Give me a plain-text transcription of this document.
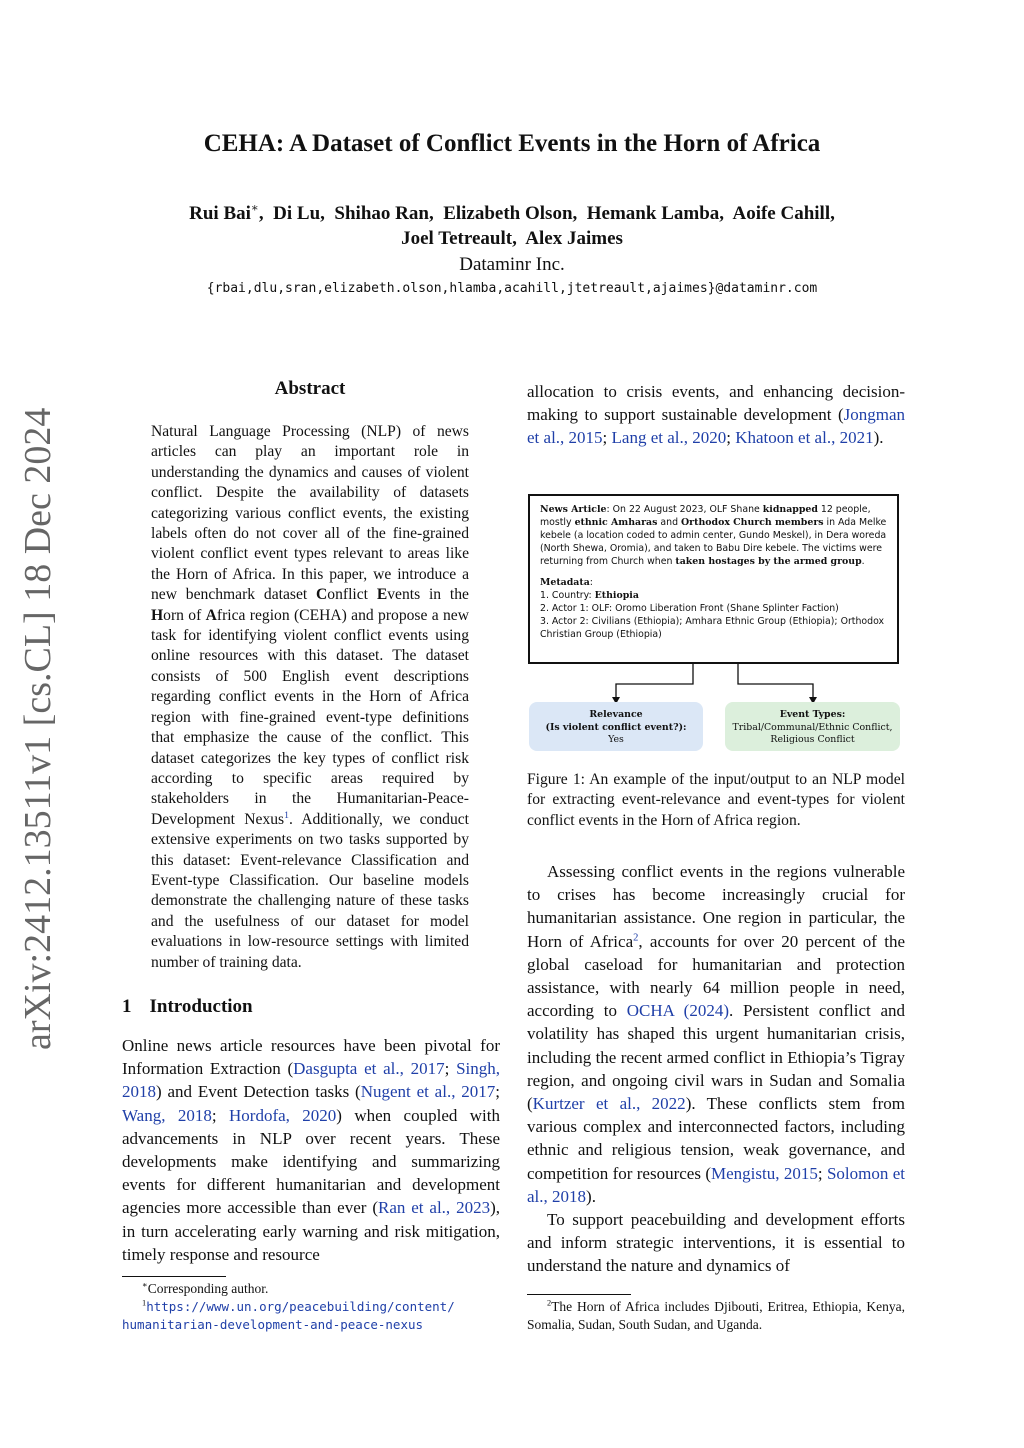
arXiv:2412.13511v1 [cs.CL] 18 Dec 2024
CEHA: A Dataset of Conflict Events in the Horn of Africa
Rui Bai∗,  Di Lu,  Shihao Ran,  Elizabeth Olson,  Hemank Lamba,  Aoife Cahill,
Joel Tetreault,  Alex Jaimes
Dataminr Inc.
{rbai,dlu,sran,elizabeth.olson,hlamba,acahill,jtetreault,ajaimes}@dataminr.com
Abstract
Natural Language Processing (NLP) of news articles can play an important role in understanding the dynamics and causes of violent conflict. Despite the availability of datasets categorizing various conflict events, the existing labels often do not cover all of the fine-grained violent conflict event types relevant to areas like the Horn of Africa. In this paper, we introduce a new benchmark dataset Conflict Events in the Horn of Africa region (CEHA) and propose a new task for identifying violent conflict events using online resources with this dataset. The dataset consists of 500 English event descriptions regarding conflict events in the Horn of Africa region with fine-grained event-type definitions that emphasize the cause of the conflict. This dataset categorizes the key types of conflict risk according to specific areas required by stakeholders in the Humanitarian-Peace-Development Nexus$^1$. Additionally, we conduct extensive experiments on two tasks supported by this dataset: Event-relevance Classification and Event-type Classification. Our baseline models demonstrate the challenging nature of these tasks and the usefulness of our dataset for model evaluations in low-resource settings with limited number of training data.
1 Introduction
Online news article resources have been pivotal for Information Extraction (Dasgupta et al., 2017; Singh, 2018) and Event Detection tasks (Nugent et al., 2017; Wang, 2018; Hordofa, 2020) when coupled with advancements in NLP over recent years. These developments make identifying and summarizing events for different humanitarian and development agencies more accessible than ever (Ran et al., 2023), in turn accelerating early warning and risk mitigation, timely response and resource
allocation to crisis events, and enhancing decision-making to support sustainable development (Jongman et al., 2015; Lang et al., 2020; Khatoon et al., 2021).

News Article: On 22 August 2023, OLF Shane kidnapped 12 people, mostly ethnic Amharas and Orthodox Church members in Ada Melke kebele (a location coded to admin center, Gundo Meskel), in Dera woreda (North Shewa, Oromia), and taken to Babu Dire kebele. The victims were returning from Church when taken hostages by the armed group.

Metadata:

1. Country: Ethiopia

2. Actor 1: OLF: Oromo Liberation Front (Shane Splinter Faction)

3. Actor 2: Civilians (Ethiopia); Amhara Ethnic Group (Ethiopia); Orthodox Christian Group (Ethiopia)

Relevance
(Is violent conflict event?):
Yes
Event Types:
Tribal/Communal/Ethnic Conflict,
Religious Conflict
Figure 1: An example of the input/output to an NLP model for extracting event-relevance and event-types for violent conflict events in the Horn of Africa region.

Assessing conflict events in the regions vulnerable to crises has become increasingly crucial for humanitarian assistance. One region in particular, the Horn of Africa$^2$, accounts for over 20 percent of the global caseload for humanitarian and protection assistance, with nearly 64 million people in need, according to OCHA (2024). Persistent conflict and volatility has shaped this urgent humanitarian crisis, including the recent armed conflict in Ethiopia’s Tigray region, and ongoing civil wars in Sudan and Somalia (Kurtzer et al., 2022). These conflicts stem from various complex and interconnected factors, including ethnic and religious tension, weak governance, and competition for resources (Mengistu, 2015; Solomon et al., 2018).

To support peacebuilding and development efforts and inform strategic interventions, it is essential to understand the nature and dynamics of

∗Corresponding author.
$^1$https://www.un.org/peacebuilding/content/
humanitarian-development-and-peace-nexus
$^2$The Horn of Africa includes Djibouti, Eritrea, Ethiopia, Kenya, Somalia, Sudan, South Sudan, and Uganda.
